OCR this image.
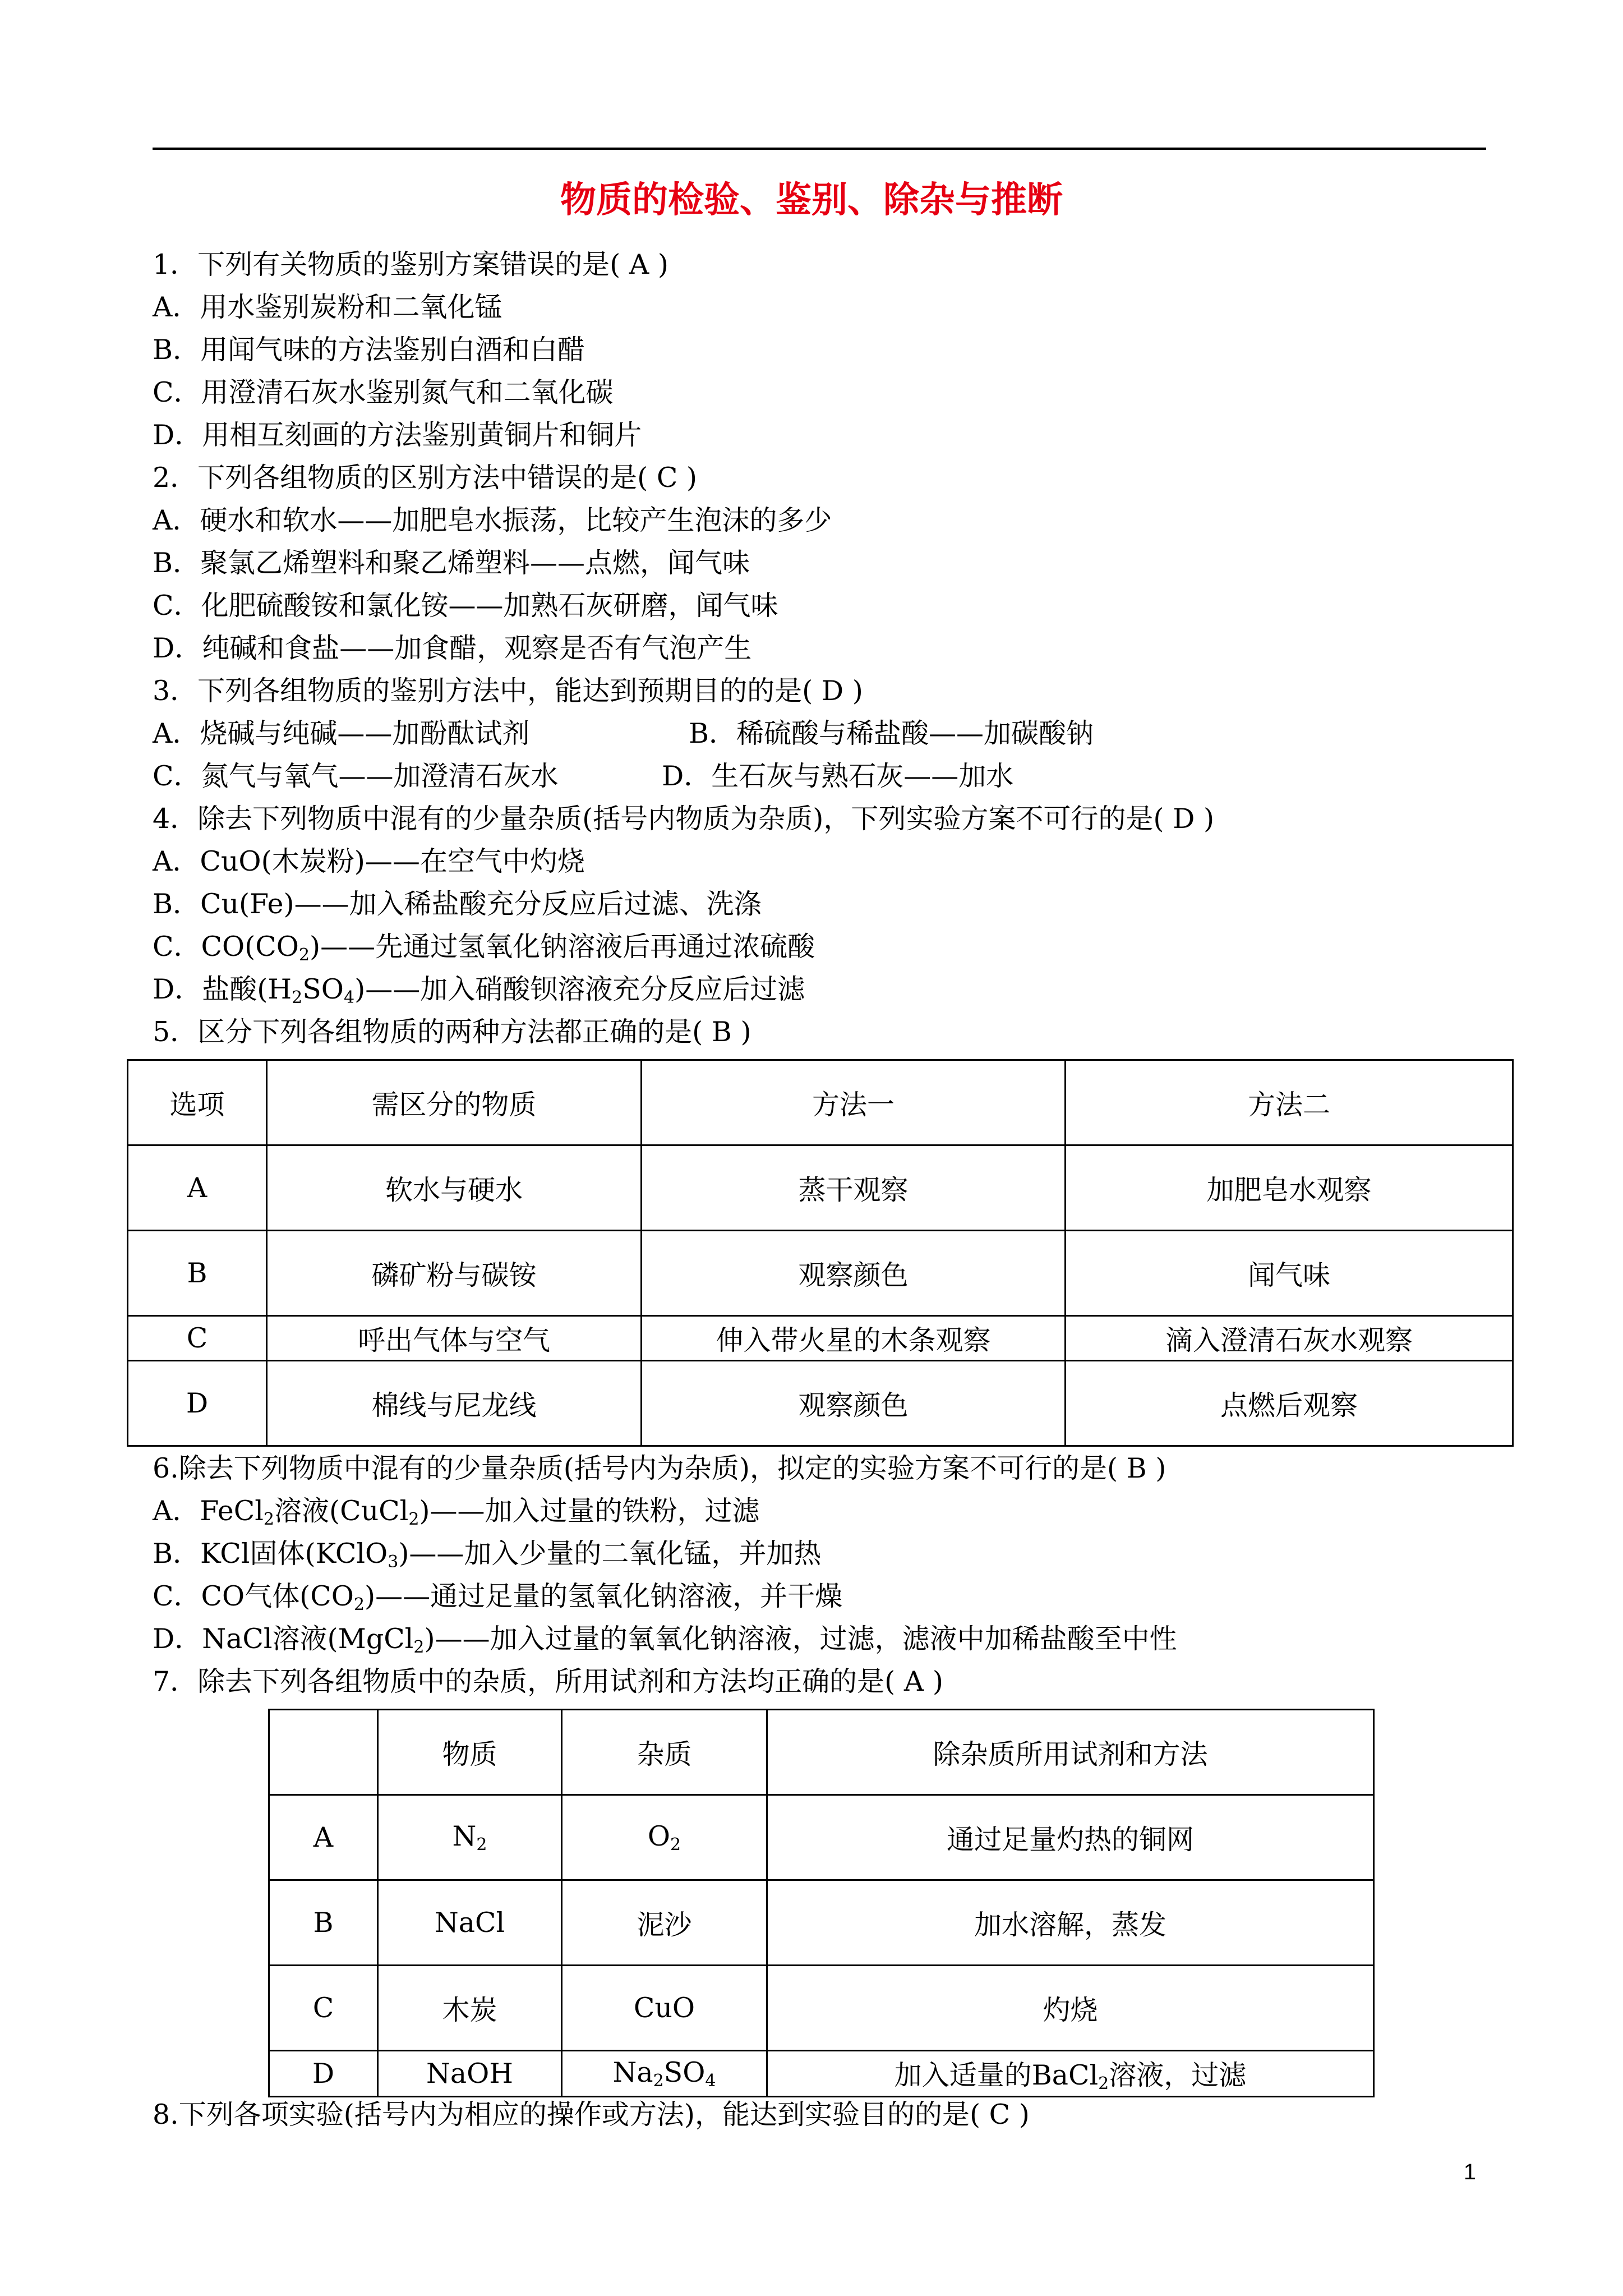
物质的检验、鉴别、除杂与推断
1．下列有关物质的鉴别方案错误的是( A )
A．用水鉴别炭粉和二氧化锰
B．用闻气味的方法鉴别白酒和白醋
C．用澄清石灰水鉴别氮气和二氧化碳
D．用相互刻画的方法鉴别黄铜片和铜片
2．下列各组物质的区别方法中错误的是( C )
A．硬水和软水——加肥皂水振荡，比较产生泡沫的多少
B．聚氯乙烯塑料和聚乙烯塑料——点燃，闻气味
C．化肥硫酸铵和氯化铵——加熟石灰研磨，闻气味
D．纯碱和食盐——加食醋，观察是否有气泡产生
3．下列各组物质的鉴别方法中，能达到预期目的的是( D )
A．烧碱与纯碱——加酚酞试剂	B．稀硫酸与稀盐酸——加碳酸钠
C．氮气与氧气——加澄清石灰水	D．生石灰与熟石灰——加水
4．除去下列物质中混有的少量杂质(括号内物质为杂质)，下列实验方案不可行的是( D )
A．CuO(木炭粉)——在空气中灼烧
B．Cu(Fe)——加入稀盐酸充分反应后过滤、洗涤
C．$CO(CO_2)——$先通过氢氧化钠溶液后再通过浓硫酸
D．盐酸$(H_2SO_4)——$加入硝酸钡溶液充分反应后过滤
5．区分下列各组物质的两种方法都正确的是( B )
选项	需区分的物质	方法一	方法二
A	软水与硬水	蒸干观察	加肥皂水观察
B	磷矿粉与碳铵	观察颜色	闻气味
C	呼出气体与空气	伸入带火星的木条观察	滴入澄清石灰水观察
D	棉线与尼龙线	观察颜色	点燃后观察
6.除去下列物质中混有的少量杂质(括号内为杂质)，拟定的实验方案不可行的是( B )
A．FeCl$_2$溶液(CuCl$_2$)——加入过量的铁粉，过滤
B．KCl固体(KClO$_3$)——加入少量的二氧化锰，并加热
C．CO气体$(CO_2)——$通过足量的氢氧化钠溶液，并干燥
D．NaCl溶液(MgCl$_2$)——加入过量的氧氧化钠溶液，过滤，滤液中加稀盐酸至中性
7．除去下列各组物质中的杂质，所用试剂和方法均正确的是( A )
	物质	杂质	除杂质所用试剂和方法
A	$N_2$	$O_2$	通过足量灼热的铜网
B	NaCl	泥沙	加水溶解，蒸发
C	木炭	CuO	灼烧
D	NaOH	$Na_2SO_4$	加入适量的BaCl$_2$溶液，过滤
8.下列各项实验(括号内为相应的操作或方法)，能达到实验目的的是( C )
1
